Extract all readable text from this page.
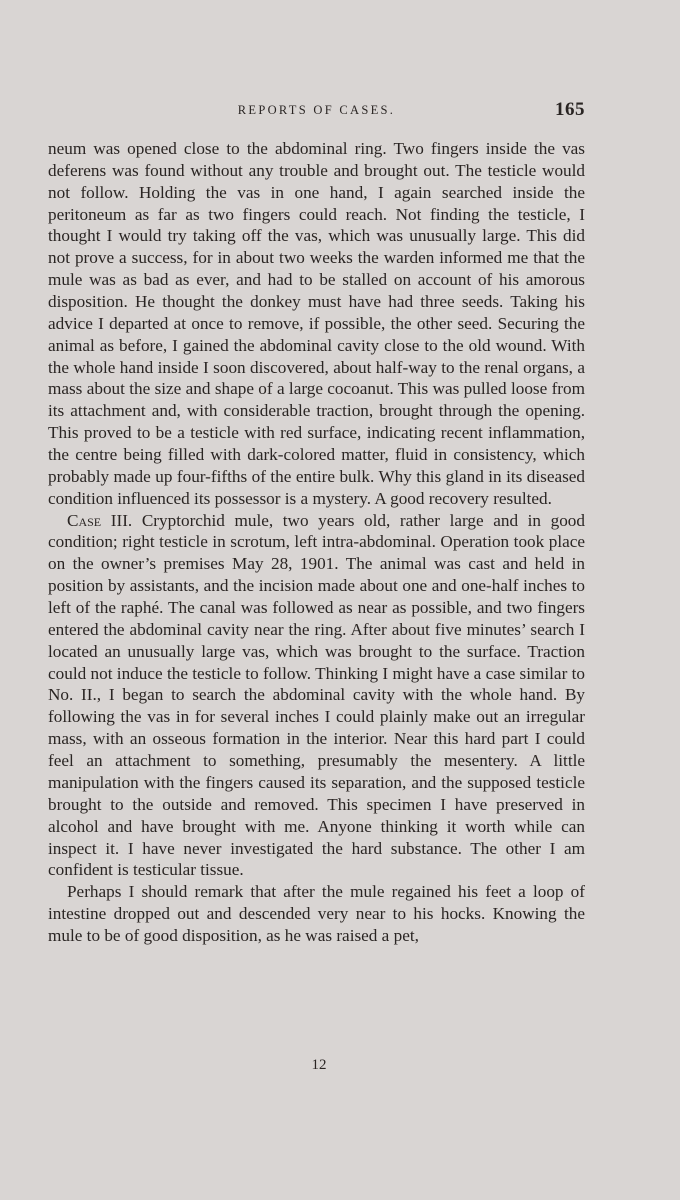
REPORTS OF CASES.	165

neum was opened close to the abdominal ring. Two fingers inside the vas deferens was found without any trouble and brought out. The testicle would not follow. Holding the vas in one hand, I again searched inside the peritoneum as far as two fingers could reach. Not finding the testicle, I thought I would try taking off the vas, which was unusually large. This did not prove a success, for in about two weeks the warden informed me that the mule was as bad as ever, and had to be stalled on account of his amorous disposition. He thought the donkey must have had three seeds. Taking his advice I departed at once to remove, if possible, the other seed. Securing the animal as before, I gained the abdominal cavity close to the old wound. With the whole hand inside I soon discovered, about half-way to the renal organs, a mass about the size and shape of a large cocoanut. This was pulled loose from its attachment and, with considerable traction, brought through the opening. This proved to be a testicle with red surface, indicating recent inflammation, the centre being filled with dark-colored matter, fluid in consistency, which probably made up four-fifths of the entire bulk. Why this gland in its diseased condition influenced its possessor is a mystery. A good recovery resulted.

Case III. Cryptorchid mule, two years old, rather large and in good condition; right testicle in scrotum, left intra-abdominal. Operation took place on the owner’s premises May 28, 1901. The animal was cast and held in position by assistants, and the incision made about one and one-half inches to left of the raphé. The canal was followed as near as possible, and two fingers entered the abdominal cavity near the ring. After about five minutes’ search I located an unusually large vas, which was brought to the surface. Traction could not induce the testicle to follow. Thinking I might have a case similar to No. II., I began to search the abdominal cavity with the whole hand. By following the vas in for several inches I could plainly make out an irregular mass, with an osseous formation in the interior. Near this hard part I could feel an attachment to something, presumably the mesentery. A little manipulation with the fingers caused its separation, and the supposed testicle brought to the outside and removed. This specimen I have preserved in alcohol and have brought with me. Anyone thinking it worth while can inspect it. I have never investigated the hard substance. The other I am confident is testicular tissue.

Perhaps I should remark that after the mule regained his feet a loop of intestine dropped out and descended very near to his hocks. Knowing the mule to be of good disposition, as he was raised a pet,

12
